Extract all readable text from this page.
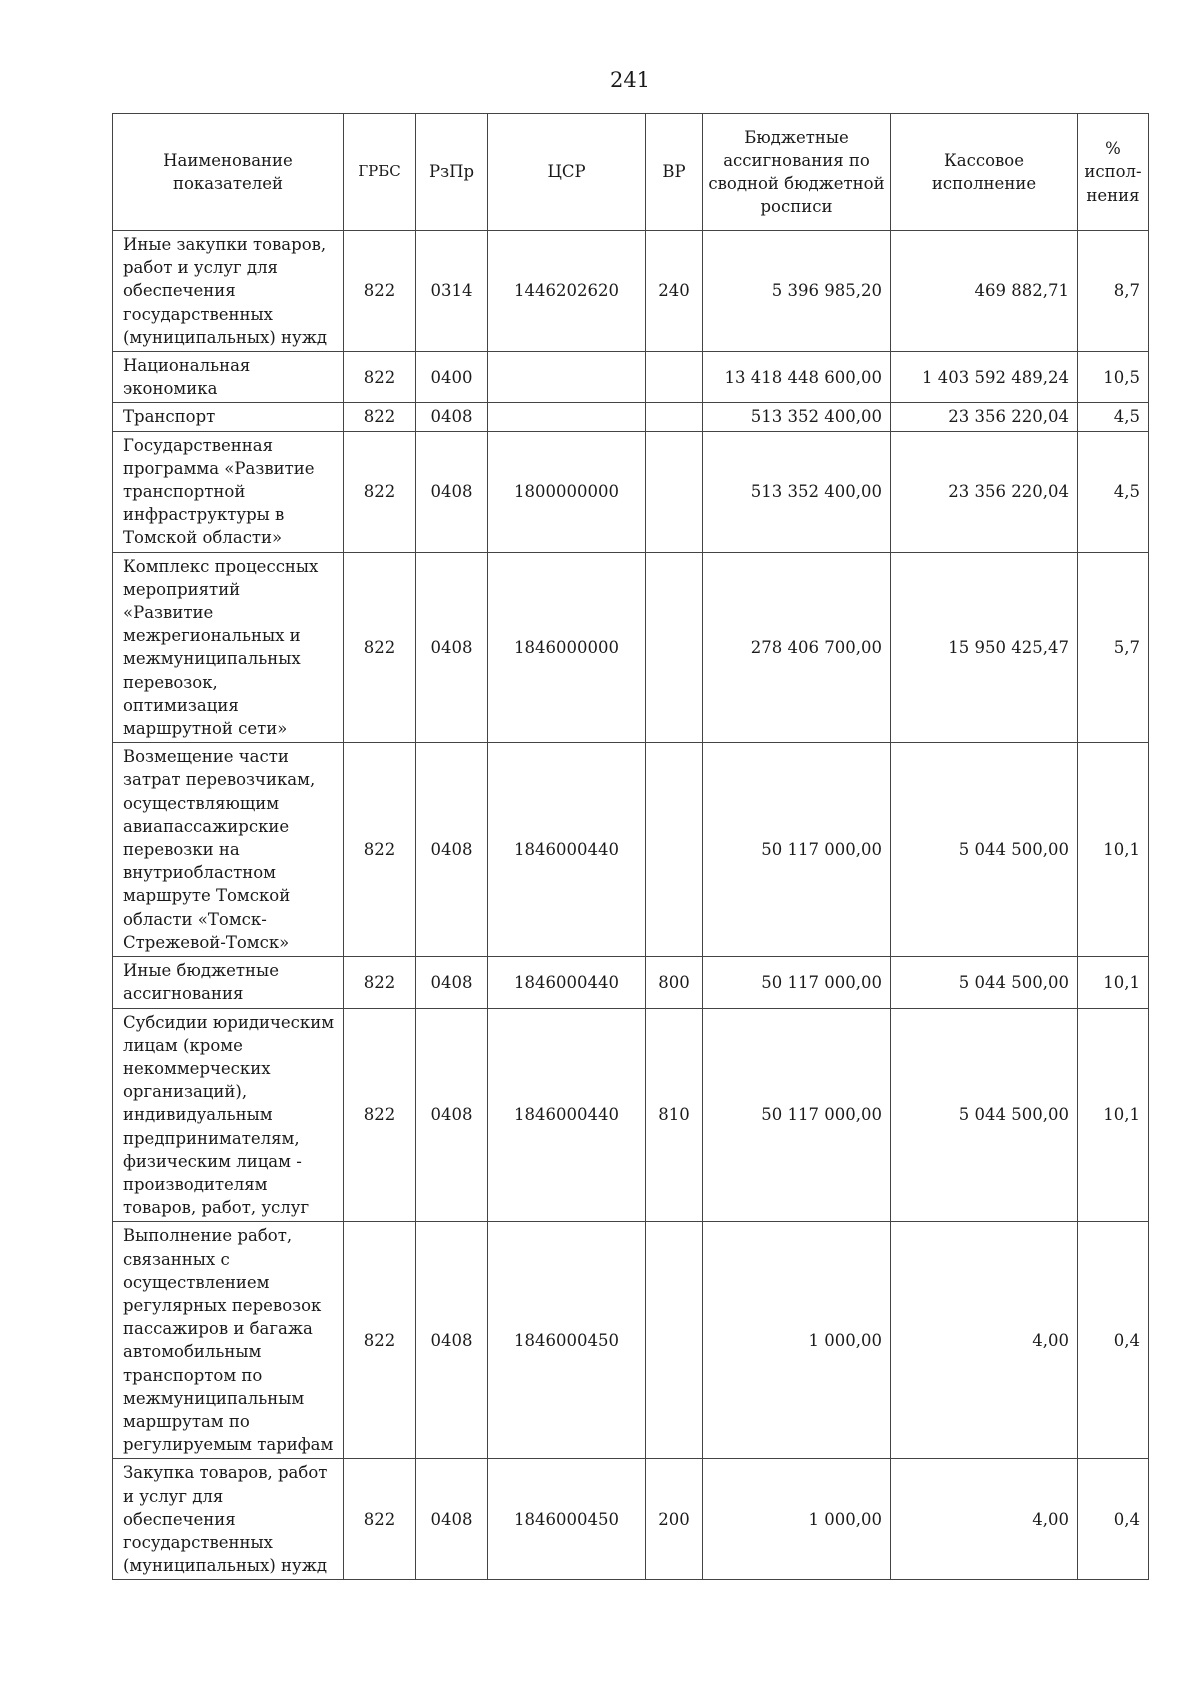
241
Наименование показателей	ГРБС	РзПр	ЦСР	ВР	Бюджетные ассигнования по сводной бюджетной росписи	Кассовое исполнение	% испол-нения
Иные закупки товаров, работ и услуг для обеспечения государственных (муниципальных) нужд	822	0314	1446202620	240	5 396 985,20	469 882,71	8,7
Национальная экономика	822	0400			13 418 448 600,00	1 403 592 489,24	10,5
Транспорт	822	0408			513 352 400,00	23 356 220,04	4,5
Государственная программа «Развитие транспортной инфраструктуры в Томской области»	822	0408	1800000000		513 352 400,00	23 356 220,04	4,5
Комплекс процессных мероприятий «Развитие межрегиональных и межмуниципальных перевозок, оптимизация маршрутной сети»	822	0408	1846000000		278 406 700,00	15 950 425,47	5,7
Возмещение части затрат перевозчикам, осуществляющим авиапассажирские перевозки на внутриобластном маршруте Томской области «Томск-Стрежевой-Томск»	822	0408	1846000440		50 117 000,00	5 044 500,00	10,1
Иные бюджетные ассигнования	822	0408	1846000440	800	50 117 000,00	5 044 500,00	10,1
Субсидии юридическим лицам (кроме некоммерческих организаций), индивидуальным предпринимателям, физическим лицам - производителям товаров, работ, услуг	822	0408	1846000440	810	50 117 000,00	5 044 500,00	10,1
Выполнение работ, связанных с осуществлением регулярных перевозок пассажиров и багажа автомобильным транспортом по межмуниципальным маршрутам по регулируемым тарифам	822	0408	1846000450		1 000,00	4,00	0,4
Закупка товаров, работ и услуг для обеспечения государственных (муниципальных) нужд	822	0408	1846000450	200	1 000,00	4,00	0,4
